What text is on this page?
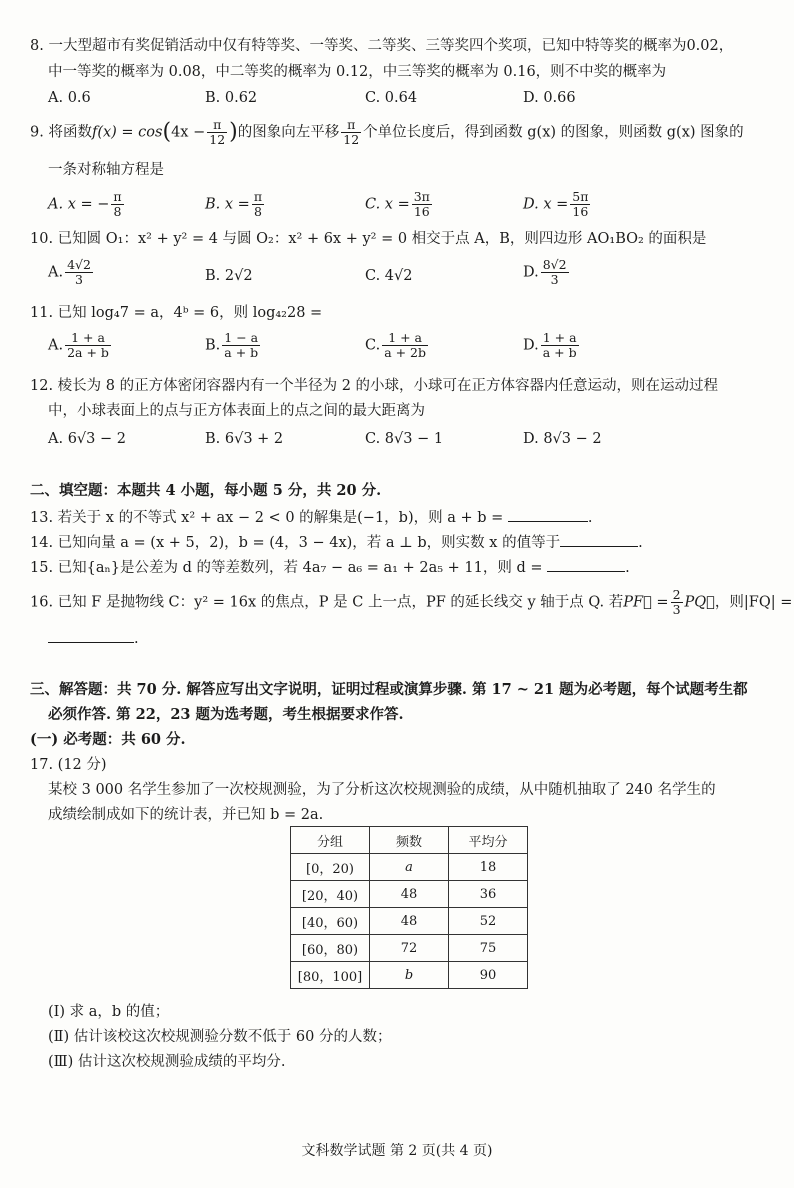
8. 一大型超市有奖促销活动中仅有特等奖、一等奖、二等奖、三等奖四个奖项，已知中特等奖的概率为0.02，
中一等奖的概率为 0.08，中二等奖的概率为 0.12，中三等奖的概率为 0.16，则不中奖的概率为
A. 0.6	B. 0.62	C. 0.64	D. 0.66
9. 将函数$f(x) = \cos(4x - \frac{\pi}{12}$ )的图象向左平移 $\frac{\pi}{12}$ 个单位长度后，得到函数 g(x) 的图象，则函数 g(x) 图象的
一条对称轴方程是
A. x = − $\frac{\pi}{8}$	B. $x = \frac{\pi}{8}$	C. $x = \frac{3\pi}{16}$	D. $x = \frac{5\pi}{16}$
10. 已知圆 O₁：x² + y² = 4 与圆 O₂：x² + 6x + y² = 0 相交于点 A，B，则四边形 AO₁BO₂ 的面积是
A. $\frac{4√2}{3}$	B. 2√2	C. 4√2	D. $\frac{8√2}{3}$
11. 已知 log₄7 = a，4ᵇ = 6，则 log₄₂28 =
A. $\frac{1 + a}{2a + b}$	B. $\frac{1 - a}{a + b}$	C. $\frac{1 + a}{a + 2b}$	D. $\frac{1 + a}{a + b}$
12. 棱长为 8 的正方体密闭容器内有一个半径为 2 的小球，小球可在正方体容器内任意运动，则在运动过程
中，小球表面上的点与正方体表面上的点之间的最大距离为
A. 6√3 − 2	B. 6√3 + 2	C. 8√3 − 1	D. 8√3 − 2
二、填空题：本题共 4 小题，每小题 5 分，共 20 分.
13. 若关于 x 的不等式 x² + ax − 2 < 0 的解集是(−1，b)，则 a + b =	.
14. 已知向量 a = (x + 5，2)，b = (4，3 − 4x)，若 a ⊥ b，则实数 x 的值等于	.
15. 已知{aₙ}是公差为 d 的等差数列，若 4a₇ − a₆ = a₁ + 2a₅ + 11，则 d =	.
16. 已知 F 是抛物线 C：y² = 16x 的焦点，P 是 C 上一点，PF 的延长线交 y 轴于点 Q. 若PF⃗ = $\frac{2}{3}$ PQ⃗，则|FQ| =
.
三、解答题：共 70 分. 解答应写出文字说明，证明过程或演算步骤. 第 17 ~ 21 题为必考题，每个试题考生都
必须作答. 第 22，23 题为选考题，考生根据要求作答.
(一) 必考题：共 60 分.
17. (12 分)
某校 3 000 名学生参加了一次校规测验，为了分析这次校规测验的成绩，从中随机抽取了 240 名学生的
成绩绘制成如下的统计表，并已知 b = 2a.
分组	频数	平均分
[0，20)	a	18
[20，40)	48	36
[40，60)	48	52
[60，80)	72	75
[80，100]	b	90
(Ⅰ) 求 a，b 的值；
(Ⅱ) 估计该校这次校规测验分数不低于 60 分的人数；
(Ⅲ) 估计这次校规测验成绩的平均分.
文科数学试题 第 2 页(共 4 页)
